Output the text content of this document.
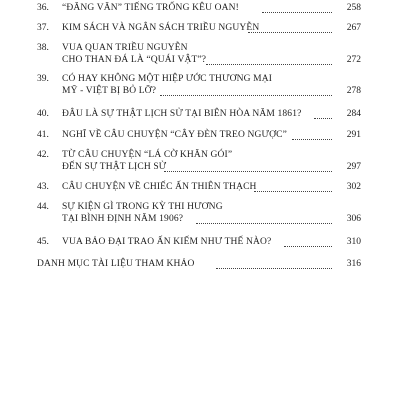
36. “ĐĂNG VĂN” TIẾNG TRỐNG KÊU OAN!	258
37. KIM SÁCH VÀ NGÂN SÁCH TRIỀU NGUYỄN	267
38. VUA QUAN TRIỀU NGUYỄN
CHO THAN ĐÁ LÀ “QUÁI VẬT”?	272
39. CÓ HAY KHÔNG MỘT HIỆP ƯỚC THƯƠNG MẠI
MỸ - VIỆT BỊ BỎ LỠ?	278
40. ĐÂU LÀ SỰ THẬT LỊCH SỬ TẠI BIÊN HÒA NĂM 1861?	284
41. NGHĨ VỀ CÂU CHUYỆN “CÂY ĐÈN TREO NGƯỢC”	291
42. TỪ CÂU CHUYỆN “LÁ CỜ KHĂN GÓI”
ĐẾN SỰ THẬT LỊCH SỬ	297
43. CÂU CHUYỆN VỀ CHIẾC ẤN THIÊN THẠCH	302
44. SỰ KIỆN GÌ TRONG KỲ THI HƯƠNG
TẠI BÌNH ĐỊNH NĂM 1906?	306
45. VUA BẢO ĐẠI TRAO ẤN KIẾM NHƯ THẾ NÀO?	310
DANH MỤC TÀI LIỆU THAM KHẢO	316
